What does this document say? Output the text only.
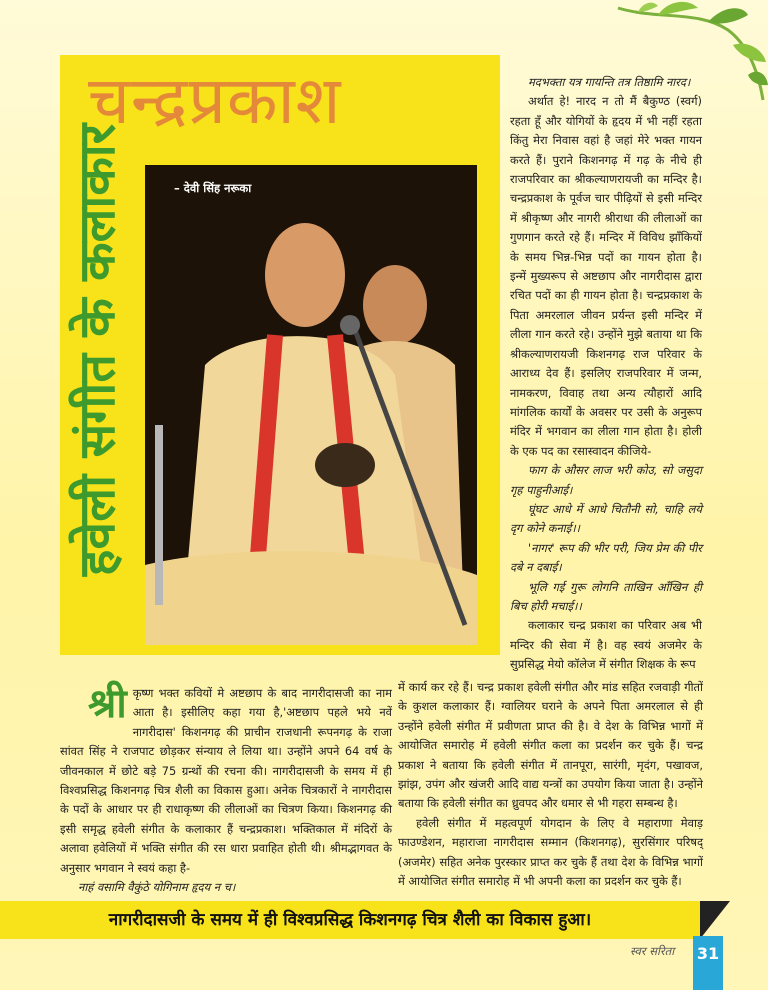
चन्द्रप्रकाश
हवेली संगीत के कलाकार	– देवी सिंह नरूका

मदभक्ता यत्र गायन्ति तत्र तिष्ठामि नारद।

अर्थात हे! नारद न तो मैं बैकुण्ठ (स्वर्ग) रहता हूँ और योगियों के हृदय में भी नहीं रहता किंतु मेरा निवास वहां है जहां मेरे भक्त गायन करते हैं। पुराने किशनगढ़ में गढ़ के नीचे ही राजपरिवार का श्रीकल्याणरायजी का मन्दिर है। चन्द्रप्रकाश के पूर्वज चार पीढ़ियों से इसी मन्दिर में श्रीकृष्ण और नागरी श्रीराधा की लीलाओं का गुणगान करते रहे हैं। मन्दिर में विविध झाँकियों के समय भिन्न-भिन्न पदों का गायन होता है। इन्में मुख्यरूप से अष्टछाप और नागरीदास द्वारा रचित पदों का ही गायन होता है। चन्द्रप्रकाश के पिता अमरलाल जीवन प्रर्यन्त इसी मन्दिर में लीला गान करते रहे। उन्होंने मुझे बताया था कि श्रीकल्याणरायजी किशनगढ़ राज परिवार के आराध्य देव हैं। इसलिए राजपरिवार में जन्म, नामकरण, विवाह तथा अन्य त्यौहारों आदि मांगलिक कार्यों के अवसर पर उसी के अनुरूप मंदिर में भगवान का लीला गान होता है। होली के एक पद का रसास्वादन कीजिये-

फाग के औसर लाज भरी कोउ, सो जसुदा गृह पाहुनीआई।

घूंघट आधे में आधे चितौनी सो, चाहि लये दृग कोने कनाई।।

'नागर' रूप की भीर परी, जिय प्रेम की पीर दबे न दबाई।

भूलि गई गुरू लोगनि ताखिन आँखिन ही बिच होरी मचाई।।

कलाकार चन्द्र प्रकाश का परिवार अब भी मन्दिर की सेवा में है। वह स्वयं अजमेर के सुप्रसिद्ध मेयो कॉलेज में संगीत शिक्षक के रूप

में कार्य कर रहे हैं। चन्द्र प्रकाश हवेली संगीत और मांड सहित रजवाड़ी गीतों के कुशल कलाकार हैं। ग्वालियर घराने के अपने पिता अमरलाल से ही उन्होंने हवेली संगीत में प्रवीणता प्राप्त की है। वे देश के विभिन्न भागों में आयोजित समारोह में हवेली संगीत कला का प्रदर्शन कर चुके हैं। चन्द्र प्रकाश ने बताया कि हवेली संगीत में तानपूरा, सारंगी, मृदंग, पखावज, झांझ, उपंग और खंजरी आदि वाद्य यन्त्रों का उपयोग किया जाता है। उन्होंने बताया कि हवेली संगीत का ध्रुवपद और धमार से भी गहरा सम्बन्ध है।

हवेली संगीत में महत्वपूर्ण योगदान के लिए वे महाराणा मेवाड़ फाउण्डेशन, महाराजा नागरीदास सम्मान (किशनगढ़), सुरसिंगार परिषद् (अजमेर) सहित अनेक पुरस्कार प्राप्त कर चुके हैं तथा देश के विभिन्न भागों में आयोजित संगीत समारोह में भी अपनी कला का प्रदर्शन कर चुके हैं।

श्री कृष्ण भक्त कवियों मे अष्टछाप के बाद नागरीदासजी का नाम आता है। इसीलिए कहा गया है,'अष्टछाप पहले भये नवें नागरीदास' किशनगढ़ की प्राचीन राजधानी रूपनगढ़ के राजा सांवत सिंह ने राजपाट छोड़कर संन्याय ले लिया था। उन्होंने अपने 64 वर्ष के जीवनकाल में छोटे बड़े 75 ग्रन्थों की रचना की। नागरीदासजी के समय में ही विश्वप्रसिद्ध किशनगढ़ चित्र शैली का विकास हुआ। अनेक चित्रकारों ने नागरीदास के पदों के आधार पर ही राधाकृष्ण की लीलाओं का चित्रण किया। किशनगढ़ की इसी समृद्ध हवेली संगीत के कलाकार हैं चन्द्रप्रकाश। भक्तिकाल में मंदिरों के अलावा हवेलियों में भक्ति संगीत की रस धारा प्रवाहित होती थी। श्रीमद्भागवत के अनुसार भगवान ने स्वयं कहा है-

नाहं वसामि वैकुंठे योगिनाम हृदय न च।

नागरीदासजी के समय में ही विश्वप्रसिद्ध किशनगढ़ चित्र शैली का विकास हुआ।
स्वर सरिता 31
